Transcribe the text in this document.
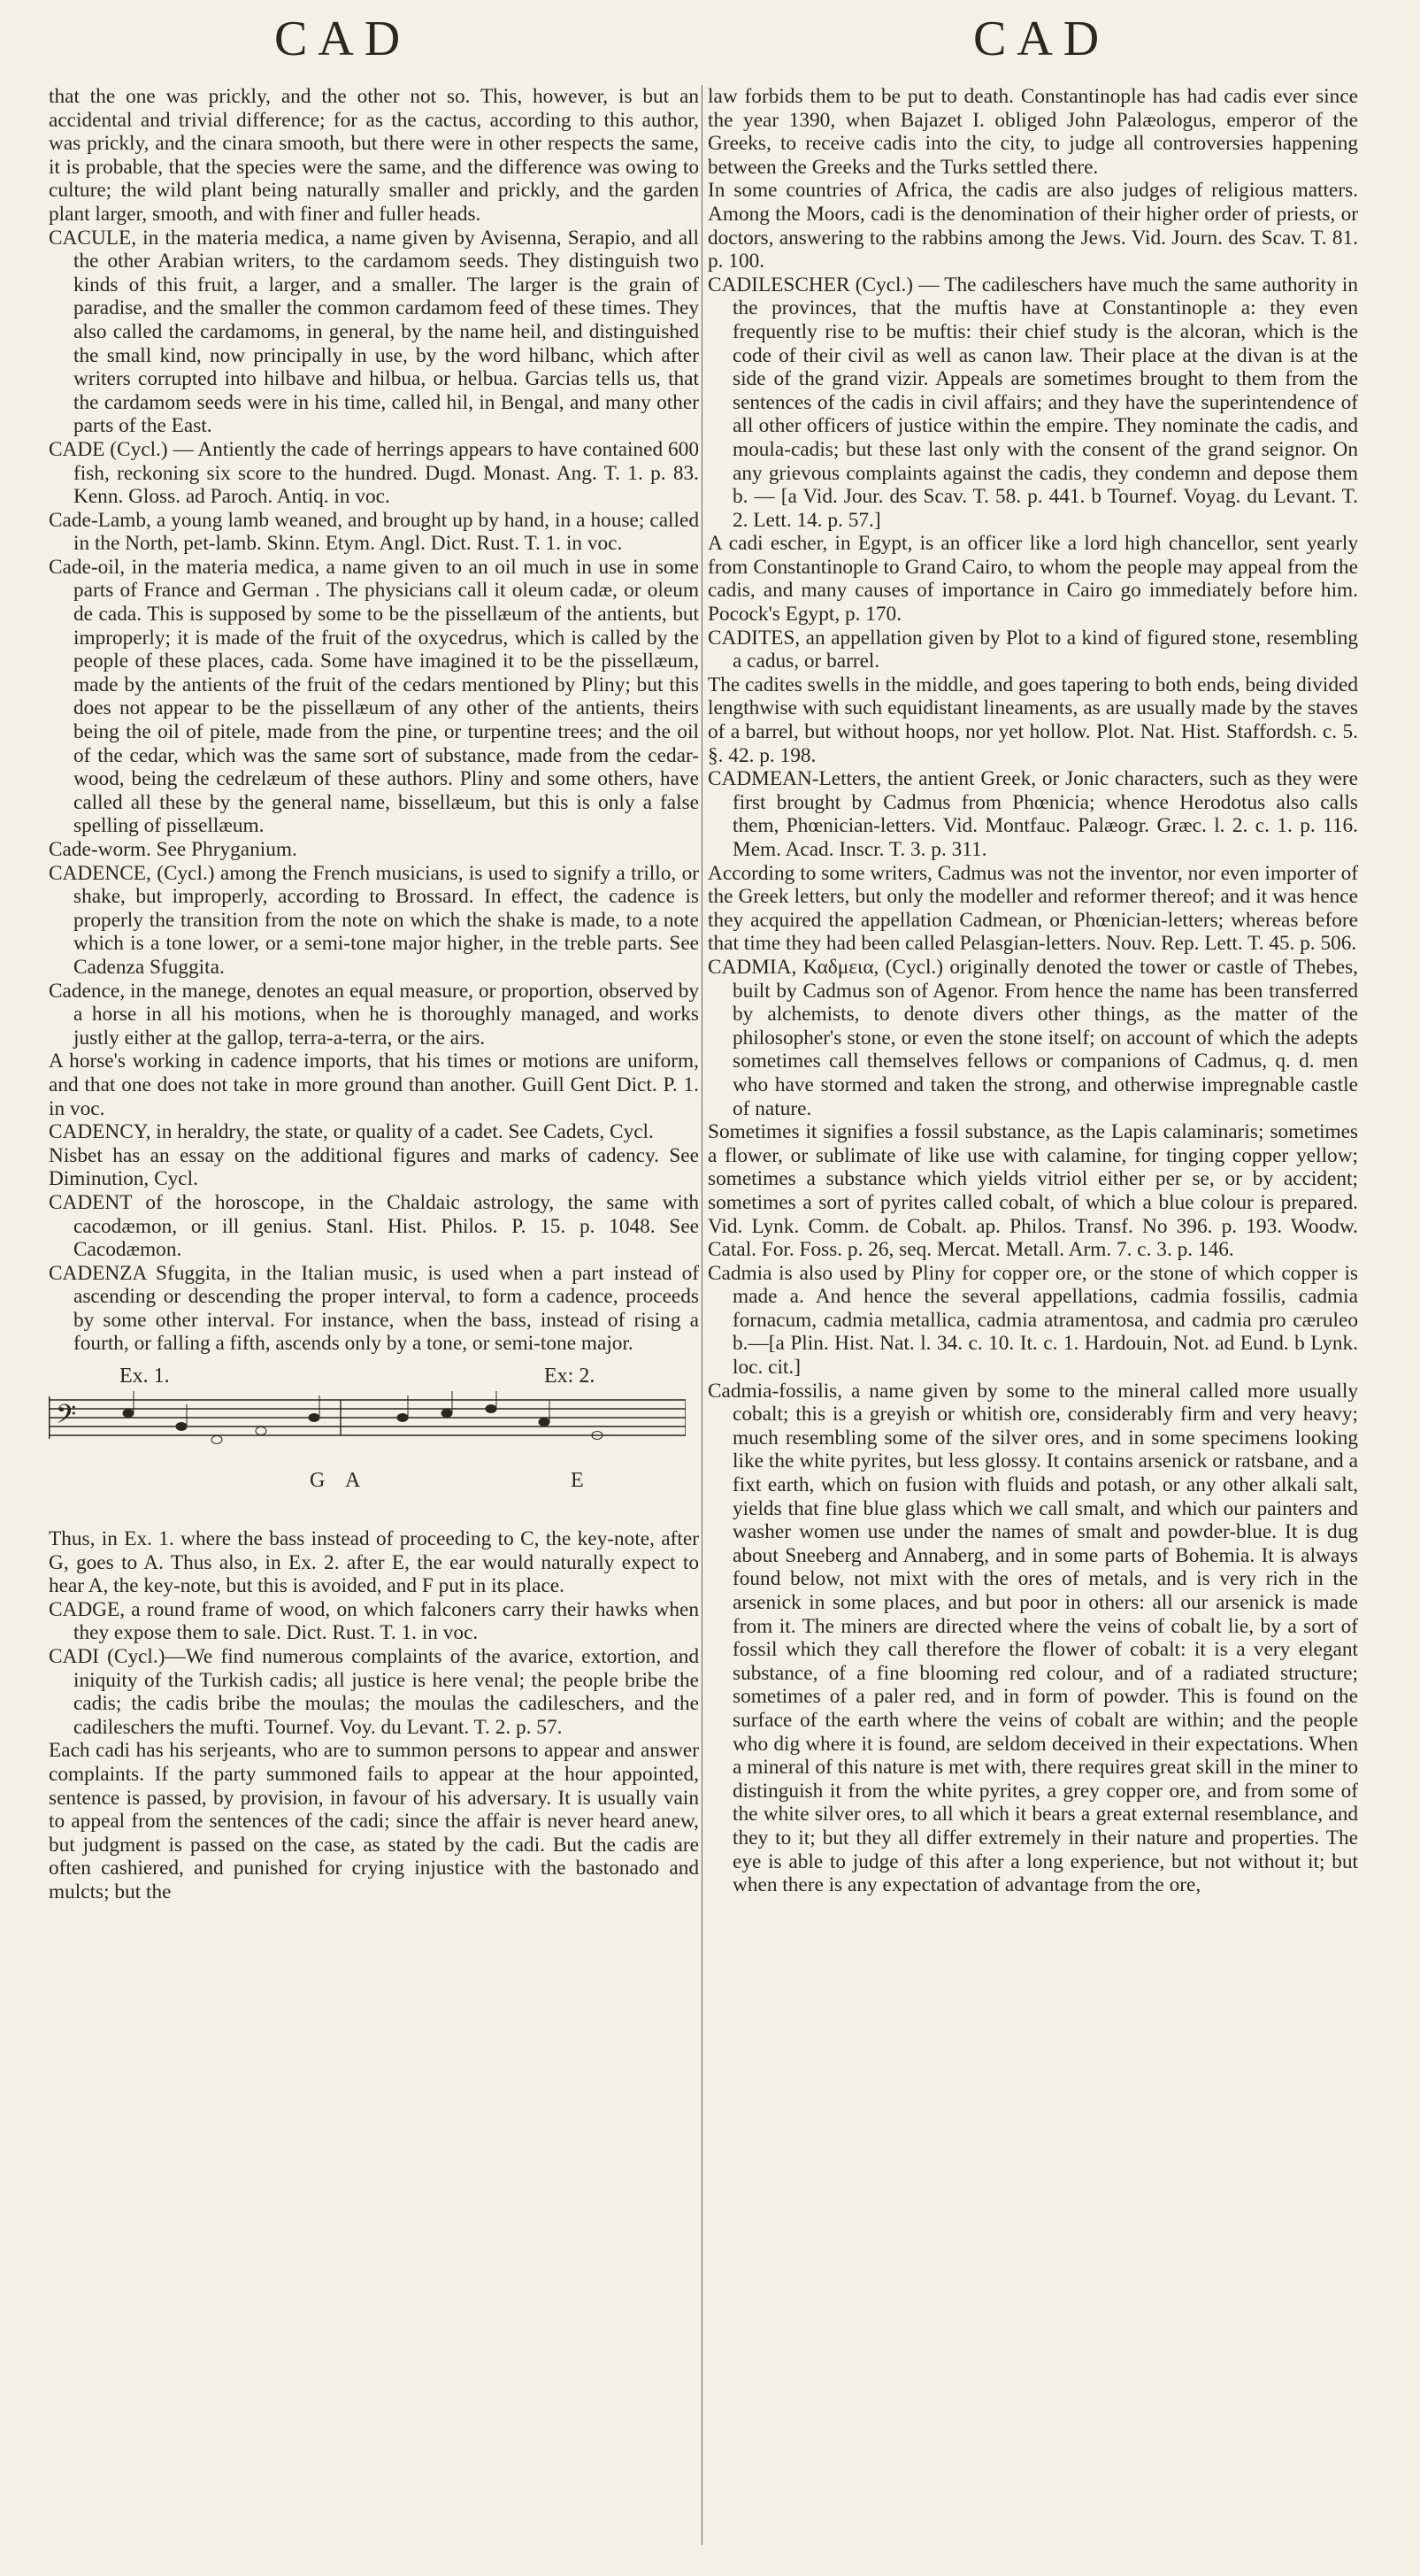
CAD	CAD

that the one was prickly, and the other not so. This, however, is but an accidental and trivial difference; for as the cactus, according to this author, was prickly, and the cinara smooth, but there were in other respects the same, it is probable, that the species were the same, and the difference was owing to culture; the wild plant being naturally smaller and prickly, and the garden plant larger, smooth, and with finer and fuller heads.

CACULE, in the materia medica, a name given by Avisenna, Serapio, and all the other Arabian writers, to the cardamom seeds. They distinguish two kinds of this fruit, a larger, and a smaller. The larger is the grain of paradise, and the smaller the common cardamom feed of these times. They also called the cardamoms, in general, by the name heil, and distinguished the small kind, now principally in use, by the word hilbanc, which after writers corrupted into hilbave and hilbua, or helbua. Garcias tells us, that the cardamom seeds were in his time, called hil, in Bengal, and many other parts of the East.

CADE (Cycl.) — Antiently the cade of herrings appears to have contained 600 fish, reckoning six score to the hundred. Dugd. Monast. Ang. T. 1. p. 83. Kenn. Gloss. ad Paroch. Antiq. in voc.

Cade-Lamb, a young lamb weaned, and brought up by hand, in a house; called in the North, pet-lamb. Skinn. Etym. Angl. Dict. Rust. T. 1. in voc.

Cade-oil, in the materia medica, a name given to an oil much in use in some parts of France and German . The physicians call it oleum cadæ, or oleum de cada. This is supposed by some to be the pissellæum of the antients, but improperly; it is made of the fruit of the oxycedrus, which is called by the people of these places, cada. Some have imagined it to be the pissellæum, made by the antients of the fruit of the cedars mentioned by Pliny; but this does not appear to be the pissellæum of any other of the antients, theirs being the oil of pitele, made from the pine, or turpentine trees; and the oil of the cedar, which was the same sort of substance, made from the cedar-wood, being the cedrelæum of these authors. Pliny and some others, have called all these by the general name, bissellæum, but this is only a false spelling of pissellæum.

Cade-worm. See Phryganium.

CADENCE, (Cycl.) among the French musicians, is used to signify a trillo, or shake, but improperly, according to Brossard. In effect, the cadence is properly the transition from the note on which the shake is made, to a note which is a tone lower, or a semi-tone major higher, in the treble parts. See Cadenza Sfuggita.

Cadence, in the manege, denotes an equal measure, or proportion, observed by a horse in all his motions, when he is thoroughly managed, and works justly either at the gallop, terra-a-terra, or the airs.

A horse's working in cadence imports, that his times or motions are uniform, and that one does not take in more ground than another. Guill Gent Dict. P. 1. in voc.

CADENCY, in heraldry, the state, or quality of a cadet. See Cadets, Cycl.

Nisbet has an essay on the additional figures and marks of cadency. See Diminution, Cycl.

CADENT of the horoscope, in the Chaldaic astrology, the same with cacodæmon, or ill genius. Stanl. Hist. Philos. P. 15. p. 1048. See Cacodæmon.

CADENZA Sfuggita, in the Italian music, is used when a part instead of ascending or descending the proper interval, to form a cadence, proceeds by some other interval. For instance, when the bass, instead of rising a fourth, or falling a fifth, ascends only by a tone, or semi-tone major.

Ex. 1.	Ex: 2.
𝄢
G A	E

Thus, in Ex. 1. where the bass instead of proceeding to C, the key-note, after G, goes to A. Thus also, in Ex. 2. after E, the ear would naturally expect to hear A, the key-note, but this is avoided, and F put in its place.

CADGE, a round frame of wood, on which falconers carry their hawks when they expose them to sale. Dict. Rust. T. 1. in voc.

CADI (Cycl.)—We find numerous complaints of the avarice, extortion, and iniquity of the Turkish cadis; all justice is here venal; the people bribe the cadis; the cadis bribe the moulas; the moulas the cadileschers, and the cadileschers the mufti. Tournef. Voy. du Levant. T. 2. p. 57.

Each cadi has his serjeants, who are to summon persons to appear and answer complaints. If the party summoned fails to appear at the hour appointed, sentence is passed, by provision, in favour of his adversary. It is usually vain to appeal from the sentences of the cadi; since the affair is never heard anew, but judgment is passed on the case, as stated by the cadi. But the cadis are often cashiered, and punished for crying injustice with the bastonado and mulcts; but the

law forbids them to be put to death. Constantinople has had cadis ever since the year 1390, when Bajazet I. obliged John Palæologus, emperor of the Greeks, to receive cadis into the city, to judge all controversies happening between the Greeks and the Turks settled there.

In some countries of Africa, the cadis are also judges of religious matters. Among the Moors, cadi is the denomination of their higher order of priests, or doctors, answering to the rabbins among the Jews. Vid. Journ. des Scav. T. 81. p. 100.

CADILESCHER (Cycl.) — The cadileschers have much the same authority in the provinces, that the muftis have at Constantinople a: they even frequently rise to be muftis: their chief study is the alcoran, which is the code of their civil as well as canon law. Their place at the divan is at the side of the grand vizir. Appeals are sometimes brought to them from the sentences of the cadis in civil affairs; and they have the superintendence of all other officers of justice within the empire. They nominate the cadis, and moula-cadis; but these last only with the consent of the grand seignor. On any grievous complaints against the cadis, they condemn and depose them b. — [a Vid. Jour. des Scav. T. 58. p. 441. b Tournef. Voyag. du Levant. T. 2. Lett. 14. p. 57.]

A cadi escher, in Egypt, is an officer like a lord high chancellor, sent yearly from Constantinople to Grand Cairo, to whom the people may appeal from the cadis, and many causes of importance in Cairo go immediately before him. Pocock's Egypt, p. 170.

CADITES, an appellation given by Plot to a kind of figured stone, resembling a cadus, or barrel.

The cadites swells in the middle, and goes tapering to both ends, being divided lengthwise with such equidistant lineaments, as are usually made by the staves of a barrel, but without hoops, nor yet hollow. Plot. Nat. Hist. Staffordsh. c. 5. §. 42. p. 198.

CADMEAN-Letters, the antient Greek, or Jonic characters, such as they were first brought by Cadmus from Phœnicia; whence Herodotus also calls them, Phœnician-letters. Vid. Montfauc. Palæogr. Græc. l. 2. c. 1. p. 116. Mem. Acad. Inscr. T. 3. p. 311.

According to some writers, Cadmus was not the inventor, nor even importer of the Greek letters, but only the modeller and reformer thereof; and it was hence they acquired the appellation Cadmean, or Phœnician-letters; whereas before that time they had been called Pelasgian-letters. Nouv. Rep. Lett. T. 45. p. 506.

CADMIA, Καδμεια, (Cycl.) originally denoted the tower or castle of Thebes, built by Cadmus son of Agenor. From hence the name has been transferred by alchemists, to denote divers other things, as the matter of the philosopher's stone, or even the stone itself; on account of which the adepts sometimes call themselves fellows or companions of Cadmus, q. d. men who have stormed and taken the strong, and otherwise impregnable castle of nature.

Sometimes it signifies a fossil substance, as the Lapis calaminaris; sometimes a flower, or sublimate of like use with calamine, for tinging copper yellow; sometimes a substance which yields vitriol either per se, or by accident; sometimes a sort of pyrites called cobalt, of which a blue colour is prepared. Vid. Lynk. Comm. de Cobalt. ap. Philos. Transf. No 396. p. 193. Woodw. Catal. For. Foss. p. 26, seq. Mercat. Metall. Arm. 7. c. 3. p. 146.

Cadmia is also used by Pliny for copper ore, or the stone of which copper is made a. And hence the several appellations, cadmia fossilis, cadmia fornacum, cadmia metallica, cadmia atramentosa, and cadmia pro cæruleo b.—[a Plin. Hist. Nat. l. 34. c. 10. It. c. 1. Hardouin, Not. ad Eund. b Lynk. loc. cit.]

Cadmia-fossilis, a name given by some to the mineral called more usually cobalt; this is a greyish or whitish ore, considerably firm and very heavy; much resembling some of the silver ores, and in some specimens looking like the white pyrites, but less glossy. It contains arsenick or ratsbane, and a fixt earth, which on fusion with fluids and potash, or any other alkali salt, yields that fine blue glass which we call smalt, and which our painters and washer women use under the names of smalt and powder-blue. It is dug about Sneeberg and Annaberg, and in some parts of Bohemia. It is always found below, not mixt with the ores of metals, and is very rich in the arsenick in some places, and but poor in others: all our arsenick is made from it. The miners are directed where the veins of cobalt lie, by a sort of fossil which they call therefore the flower of cobalt: it is a very elegant substance, of a fine blooming red colour, and of a radiated structure; sometimes of a paler red, and in form of powder. This is found on the surface of the earth where the veins of cobalt are within; and the people who dig where it is found, are seldom deceived in their expectations. When a mineral of this nature is met with, there requires great skill in the miner to distinguish it from the white pyrites, a grey copper ore, and from some of the white silver ores, to all which it bears a great external resemblance, and they to it; but they all differ extremely in their nature and properties. The eye is able to judge of this after a long experience, but not without it; but when there is any expectation of advantage from the ore,
